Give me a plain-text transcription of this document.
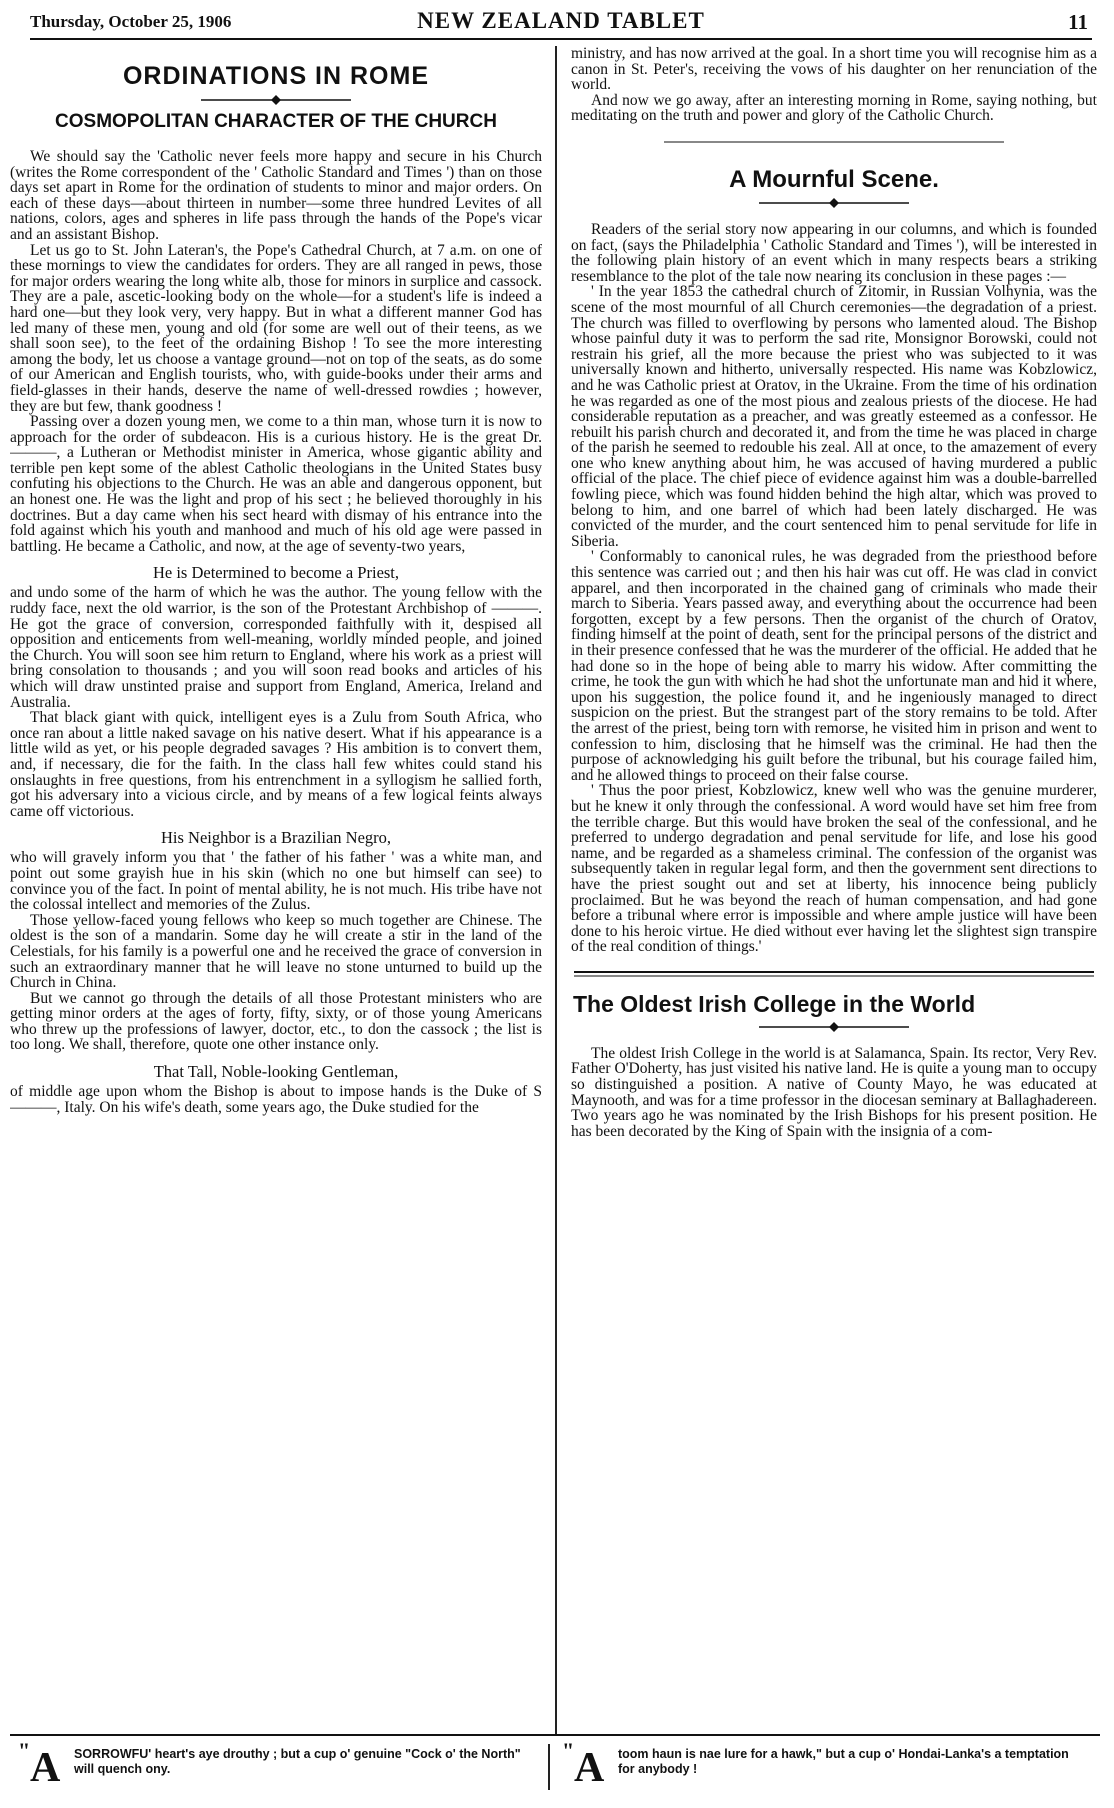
Thursday, October 25, 1906	NEW ZEALAND TABLET	11
ORDINATIONS IN ROME
COSMOPOLITAN CHARACTER OF THE CHURCH

We should say the 'Catholic never feels more happy and secure in his Church (writes the Rome correspondent of the ' Catholic Standard and Times ') than on those days set apart in Rome for the ordination of students to minor and major orders. On each of these days—about thirteen in number—some three hundred Levites of all nations, colors, ages and spheres in life pass through the hands of the Pope's vicar and an assistant Bishop.

Let us go to St. John Lateran's, the Pope's Cathedral Church, at 7 a.m. on one of these mornings to view the candidates for orders. They are all ranged in pews, those for major orders wearing the long white alb, those for minors in surplice and cassock. They are a pale, ascetic-looking body on the whole—for a student's life is indeed a hard one—but they look very, very happy. But in what a different manner God has led many of these men, young and old (for some are well out of their teens, as we shall soon see), to the feet of the ordaining Bishop ! To see the more interesting among the body, let us choose a vantage ground—not on top of the seats, as do some of our American and English tourists, who, with guide-books under their arms and field-glasses in their hands, deserve the name of well-dressed rowdies ; however, they are but few, thank goodness !

Passing over a dozen young men, we come to a thin man, whose turn it is now to approach for the order of subdeacon. His is a curious history. He is the great Dr. ———, a Lutheran or Methodist minister in America, whose gigantic ability and terrible pen kept some of the ablest Catholic theologians in the United States busy confuting his objections to the Church. He was an able and dangerous opponent, but an honest one. He was the light and prop of his sect ; he believed thoroughly in his doctrines. But a day came when his sect heard with dismay of his entrance into the fold against which his youth and manhood and much of his old age were passed in battling. He became a Catholic, and now, at the age of seventy-two years,

He is Determined to become a Priest,

and undo some of the harm of which he was the author. The young fellow with the ruddy face, next the old warrior, is the son of the Protestant Archbishop of ———. He got the grace of conversion, corresponded faithfully with it, despised all opposition and enticements from well-meaning, worldly minded people, and joined the Church. You will soon see him return to England, where his work as a priest will bring consolation to thousands ; and you will soon read books and articles of his which will draw unstinted praise and support from England, America, Ireland and Australia.

That black giant with quick, intelligent eyes is a Zulu from South Africa, who once ran about a little naked savage on his native desert. What if his appearance is a little wild as yet, or his people degraded savages ? His ambition is to convert them, and, if necessary, die for the faith. In the class hall few whites could stand his onslaughts in free questions, from his entrenchment in a syllogism he sallied forth, got his adversary into a vicious circle, and by means of a few logical feints always came off victorious.

His Neighbor is a Brazilian Negro,

who will gravely inform you that ' the father of his father ' was a white man, and point out some grayish hue in his skin (which no one but himself can see) to convince you of the fact. In point of mental ability, he is not much. His tribe have not the colossal intellect and memories of the Zulus.

Those yellow-faced young fellows who keep so much together are Chinese. The oldest is the son of a mandarin. Some day he will create a stir in the land of the Celestials, for his family is a powerful one and he received the grace of conversion in such an extraordinary manner that he will leave no stone unturned to build up the Church in China.

But we cannot go through the details of all those Protestant ministers who are getting minor orders at the ages of forty, fifty, sixty, or of those young Americans who threw up the professions of lawyer, doctor, etc., to don the cassock ; the list is too long. We shall, therefore, quote one other instance only.

That Tall, Noble-looking Gentleman,

of middle age upon whom the Bishop is about to impose hands is the Duke of S———, Italy. On his wife's death, some years ago, the Duke studied for the

ministry, and has now arrived at the goal. In a short time you will recognise him as a canon in St. Peter's, receiving the vows of his daughter on her renunciation of the world.

And now we go away, after an interesting morning in Rome, saying nothing, but meditating on the truth and power and glory of the Catholic Church.

A Mournful Scene.

Readers of the serial story now appearing in our columns, and which is founded on fact, (says the Philadelphia ' Catholic Standard and Times '), will be interested in the following plain history of an event which in many respects bears a striking resemblance to the plot of the tale now nearing its conclusion in these pages :—

' In the year 1853 the cathedral church of Zitomir, in Russian Volhynia, was the scene of the most mournful of all Church ceremonies—the degradation of a priest. The church was filled to overflowing by persons who lamented aloud. The Bishop whose painful duty it was to perform the sad rite, Monsignor Borowski, could not restrain his grief, all the more because the priest who was subjected to it was universally known and hitherto, universally respected. His name was Kobzlowicz, and he was Catholic priest at Oratov, in the Ukraine. From the time of his ordination he was regarded as one of the most pious and zealous priests of the diocese. He had considerable reputation as a preacher, and was greatly esteemed as a confessor. He rebuilt his parish church and decorated it, and from the time he was placed in charge of the parish he seemed to redouble his zeal. All at once, to the amazement of every one who knew anything about him, he was accused of having murdered a public official of the place. The chief piece of evidence against him was a double-barrelled fowling piece, which was found hidden behind the high altar, which was proved to belong to him, and one barrel of which had been lately discharged. He was convicted of the murder, and the court sentenced him to penal servitude for life in Siberia.

' Conformably to canonical rules, he was degraded from the priesthood before this sentence was carried out ; and then his hair was cut off. He was clad in convict apparel, and then incorporated in the chained gang of criminals who made their march to Siberia. Years passed away, and everything about the occurrence had been forgotten, except by a few persons. Then the organist of the church of Oratov, finding himself at the point of death, sent for the principal persons of the district and in their presence confessed that he was the murderer of the official. He added that he had done so in the hope of being able to marry his widow. After committing the crime, he took the gun with which he had shot the unfortunate man and hid it where, upon his suggestion, the police found it, and he ingeniously managed to direct suspicion on the priest. But the strangest part of the story remains to be told. After the arrest of the priest, being torn with remorse, he visited him in prison and went to confession to him, disclosing that he himself was the criminal. He had then the purpose of acknowledging his guilt before the tribunal, but his courage failed him, and he allowed things to proceed on their false course.

' Thus the poor priest, Kobzlowicz, knew well who was the genuine murderer, but he knew it only through the confessional. A word would have set him free from the terrible charge. But this would have broken the seal of the confessional, and he preferred to undergo degradation and penal servitude for life, and lose his good name, and be regarded as a shameless criminal. The confession of the organist was subsequently taken in regular legal form, and then the government sent directions to have the priest sought out and set at liberty, his innocence being publicly proclaimed. But he was beyond the reach of human compensation, and had gone before a tribunal where error is impossible and where ample justice will have been done to his heroic virtue. He died without ever having let the slightest sign transpire of the real condition of things.'

The Oldest Irish College in the World

The oldest Irish College in the world is at Salamanca, Spain. Its rector, Very Rev. Father O'Doherty, has just visited his native land. He is quite a young man to occupy so distinguished a position. A native of County Mayo, he was educated at Maynooth, and was for a time professor in the diocesan seminary at Ballaghadereen. Two years ago he was nominated by the Irish Bishops for his present position. He has been decorated by the King of Spain with the insignia of a com-

" A SORROWFU' heart's aye drouthy ; but a cup o' genuine "Cock o' the North" will quench ony.
" A toom haun is nae lure for a hawk," but a cup o' Hondai-Lanka's a temptation for anybody !
